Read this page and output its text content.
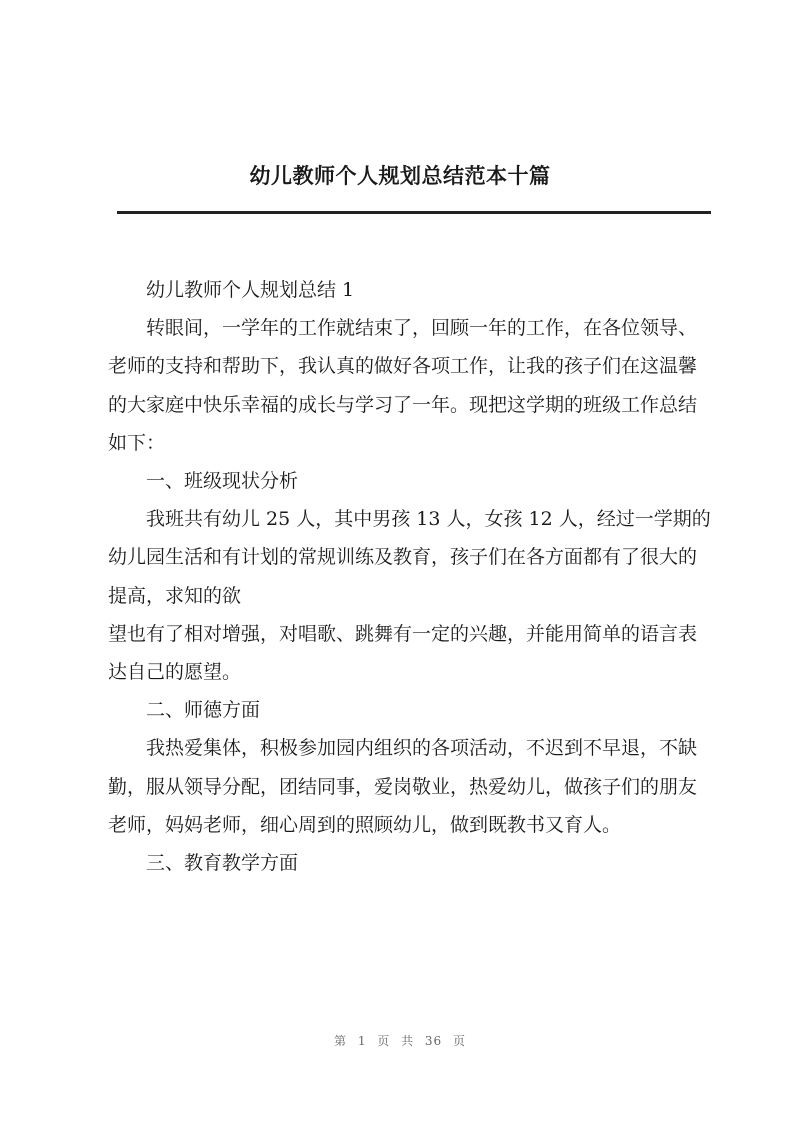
幼儿教师个人规划总结范本十篇

幼儿教师个人规划总结 1

转眼间，一学年的工作就结束了，回顾一年的工作，在各位领导、老师的支持和帮助下，我认真的做好各项工作，让我的孩子们在这温馨的大家庭中快乐幸福的成长与学习了一年。现把这学期的班级工作总结如下：

一、班级现状分析

我班共有幼儿 25 人，其中男孩 13 人，女孩 12 人，经过一学期的幼儿园生活和有计划的常规训练及教育，孩子们在各方面都有了很大的提高，求知的欲

望也有了相对增强，对唱歌、跳舞有一定的兴趣，并能用简单的语言表达自己的愿望。

二、师德方面

我热爱集体，积极参加园内组织的各项活动，不迟到不早退，不缺勤，服从领导分配，团结同事，爱岗敬业，热爱幼儿，做孩子们的朋友老师，妈妈老师，细心周到的照顾幼儿，做到既教书又育人。

三、教育教学方面

第 1 页 共 36 页
